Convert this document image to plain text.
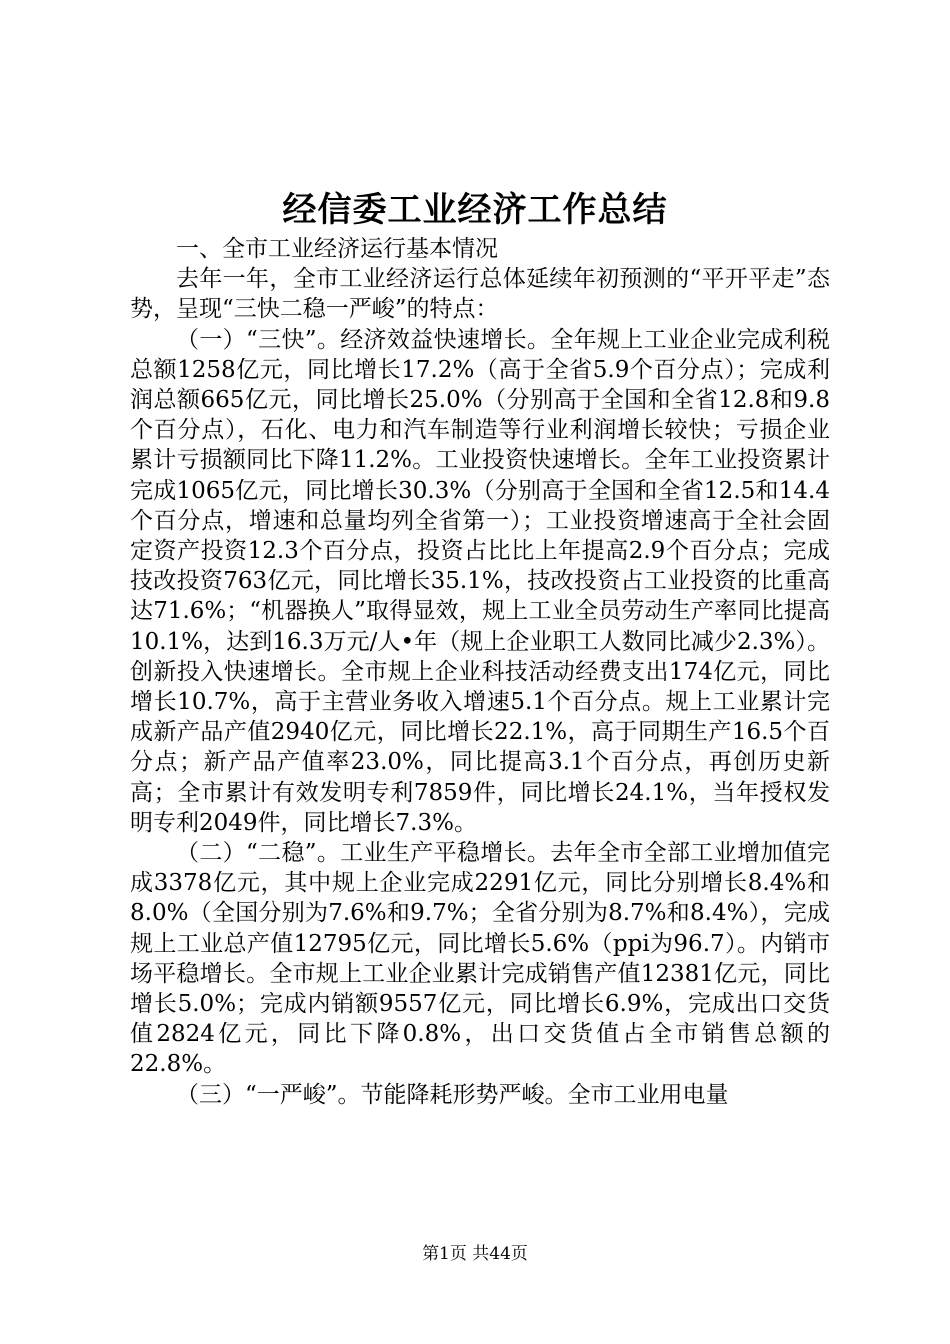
经信委工业经济工作总结

一、全市工业经济运行基本情况

去年一年，全市工业经济运行总体延续年初预测的“平开平走”态势，呈现“三快二稳一严峻”的特点：

（一）“三快”。经济效益快速增长。全年规上工业企业完成利税总额1258亿元，同比增长17.2%（高于全省5.9个百分点）；完成利润总额665亿元，同比增长25.0%（分别高于全国和全省12.8和9.8个百分点），石化、电力和汽车制造等行业利润增长较快；亏损企业累计亏损额同比下降11.2%。工业投资快速增长。全年工业投资累计完成1065亿元，同比增长30.3%（分别高于全国和全省12.5和14.4个百分点，增速和总量均列全省第一）；工业投资增速高于全社会固定资产投资12.3个百分点，投资占比比上年提高2.9个百分点；完成技改投资763亿元，同比增长35.1%，技改投资占工业投资的比重高达71.6%；“机器换人”取得显效，规上工业全员劳动生产率同比提高10.1%，达到16.3万元/人•年（规上企业职工人数同比减少2.3%）。创新投入快速增长。全市规上企业科技活动经费支出174亿元，同比增长10.7%，高于主营业务收入增速5.1个百分点。规上工业累计完成新产品产值2940亿元，同比增长22.1%，高于同期生产16.5个百分点；新产品产值率23.0%，同比提高3.1个百分点，再创历史新高；全市累计有效发明专利7859件，同比增长24.1%，当年授权发明专利2049件，同比增长7.3%。

（二）“二稳”。工业生产平稳增长。去年全市全部工业增加值完成3378亿元，其中规上企业完成2291亿元，同比分别增长8.4%和8.0%（全国分别为7.6%和9.7%；全省分别为8.7%和8.4%），完成规上工业总产值12795亿元，同比增长5.6%（ppi为96.7）。内销市场平稳增长。全市规上工业企业累计完成销售产值12381亿元，同比增长5.0%；完成内销额9557亿元，同比增长6.9%，完成出口交货值2824亿元，同比下降0.8%，出口交货值占全市销售总额的22.8%。

（三）“一严峻”。节能降耗形势严峻。全市工业用电量

第1页 共44页
